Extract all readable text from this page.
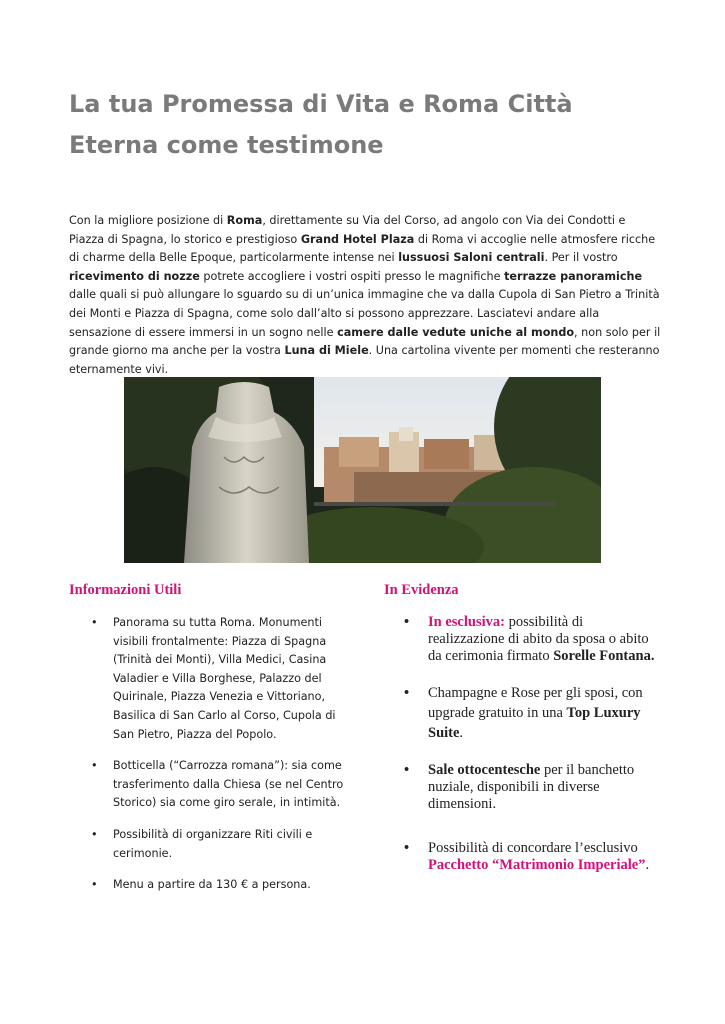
La tua Promessa di Vita e Roma Città Eterna come testimone

Con la migliore posizione di Roma, direttamente su Via del Corso, ad angolo con Via dei Condotti e Piazza di Spagna, lo storico e prestigioso Grand Hotel Plaza di Roma vi accoglie nelle atmosfere ricche di charme della Belle Epoque, particolarmente intense nei lussuosi Saloni centrali. Per il vostro ricevimento di nozze potrete accogliere i vostri ospiti presso le magnifiche terrazze panoramiche dalle quali si può allungare lo sguardo su di un’unica immagine che va dalla Cupola di San Pietro a Trinità dei Monti e Piazza di Spagna, come solo dall’alto si possono apprezzare. Lasciatevi andare alla sensazione di essere immersi in un sogno nelle camere dalle vedute uniche al mondo, non solo per il grande giorno ma anche per la vostra Luna di Miele. Una cartolina vivente per momenti che resteranno eternamente vivi.

Informazioni Utili
• Panorama su tutta Roma. Monumenti visibili frontalmente: Piazza di Spagna (Trinità dei Monti), Villa Medici, Casina Valadier e Villa Borghese, Palazzo del Quirinale, Piazza Venezia e Vittoriano, Basilica di San Carlo al Corso, Cupola di San Pietro, Piazza del Popolo.
• Botticella (“Carrozza romana”): sia come trasferimento dalla Chiesa (se nel Centro Storico) sia come giro serale, in intimità.
• Possibilità di organizzare Riti civili e cerimonie.
• Menu a partire da 130 € a persona.
In Evidenza
• In esclusiva: possibilità di realizzazione di abito da sposa o abito da cerimonia firmato Sorelle Fontana.
• Champagne e Rose per gli sposi, con upgrade gratuito in una Top Luxury Suite.
• Sale ottocentesche per il banchetto nuziale, disponibili in diverse dimensioni.
• Possibilità di concordare l’esclusivo Pacchetto “Matrimonio Imperiale”.
